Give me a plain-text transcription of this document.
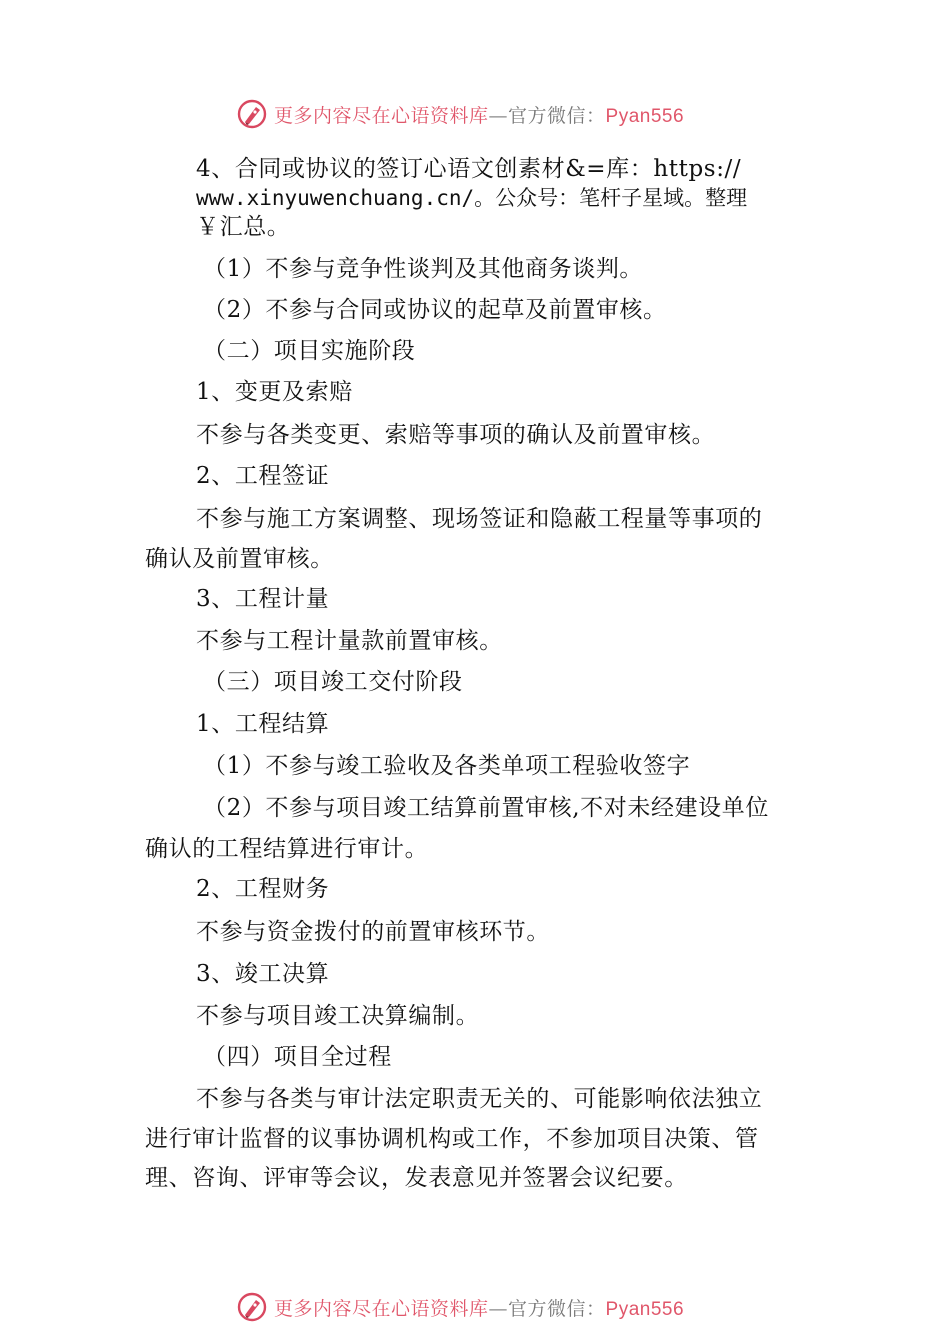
更多内容尽在心语资料库—官方微信：Pyan556
4、合同或协议的签订心语文创素材&=库：https://
www.xinyuwenchuang.cn/。公众号：笔杆子星域。整理
￥汇总。
（1）不参与竞争性谈判及其他商务谈判。
（2）不参与合同或协议的起草及前置审核。
（二）项目实施阶段
1、变更及索赔
不参与各类变更、索赔等事项的确认及前置审核。
2、工程签证
不参与施工方案调整、现场签证和隐蔽工程量等事项的
确认及前置审核。
3、工程计量
不参与工程计量款前置审核。
（三）项目竣工交付阶段
1、工程结算
（1）不参与竣工验收及各类单项工程验收签字
（2）不参与项目竣工结算前置审核,不对未经建设单位
确认的工程结算进行审计。
2、工程财务
不参与资金拨付的前置审核环节。
3、竣工决算
不参与项目竣工决算编制。
（四）项目全过程
不参与各类与审计法定职责无关的、可能影响依法独立
进行审计监督的议事协调机构或工作，不参加项目决策、管
理、咨询、评审等会议，发表意见并签署会议纪要。
更多内容尽在心语资料库—官方微信：Pyan556
